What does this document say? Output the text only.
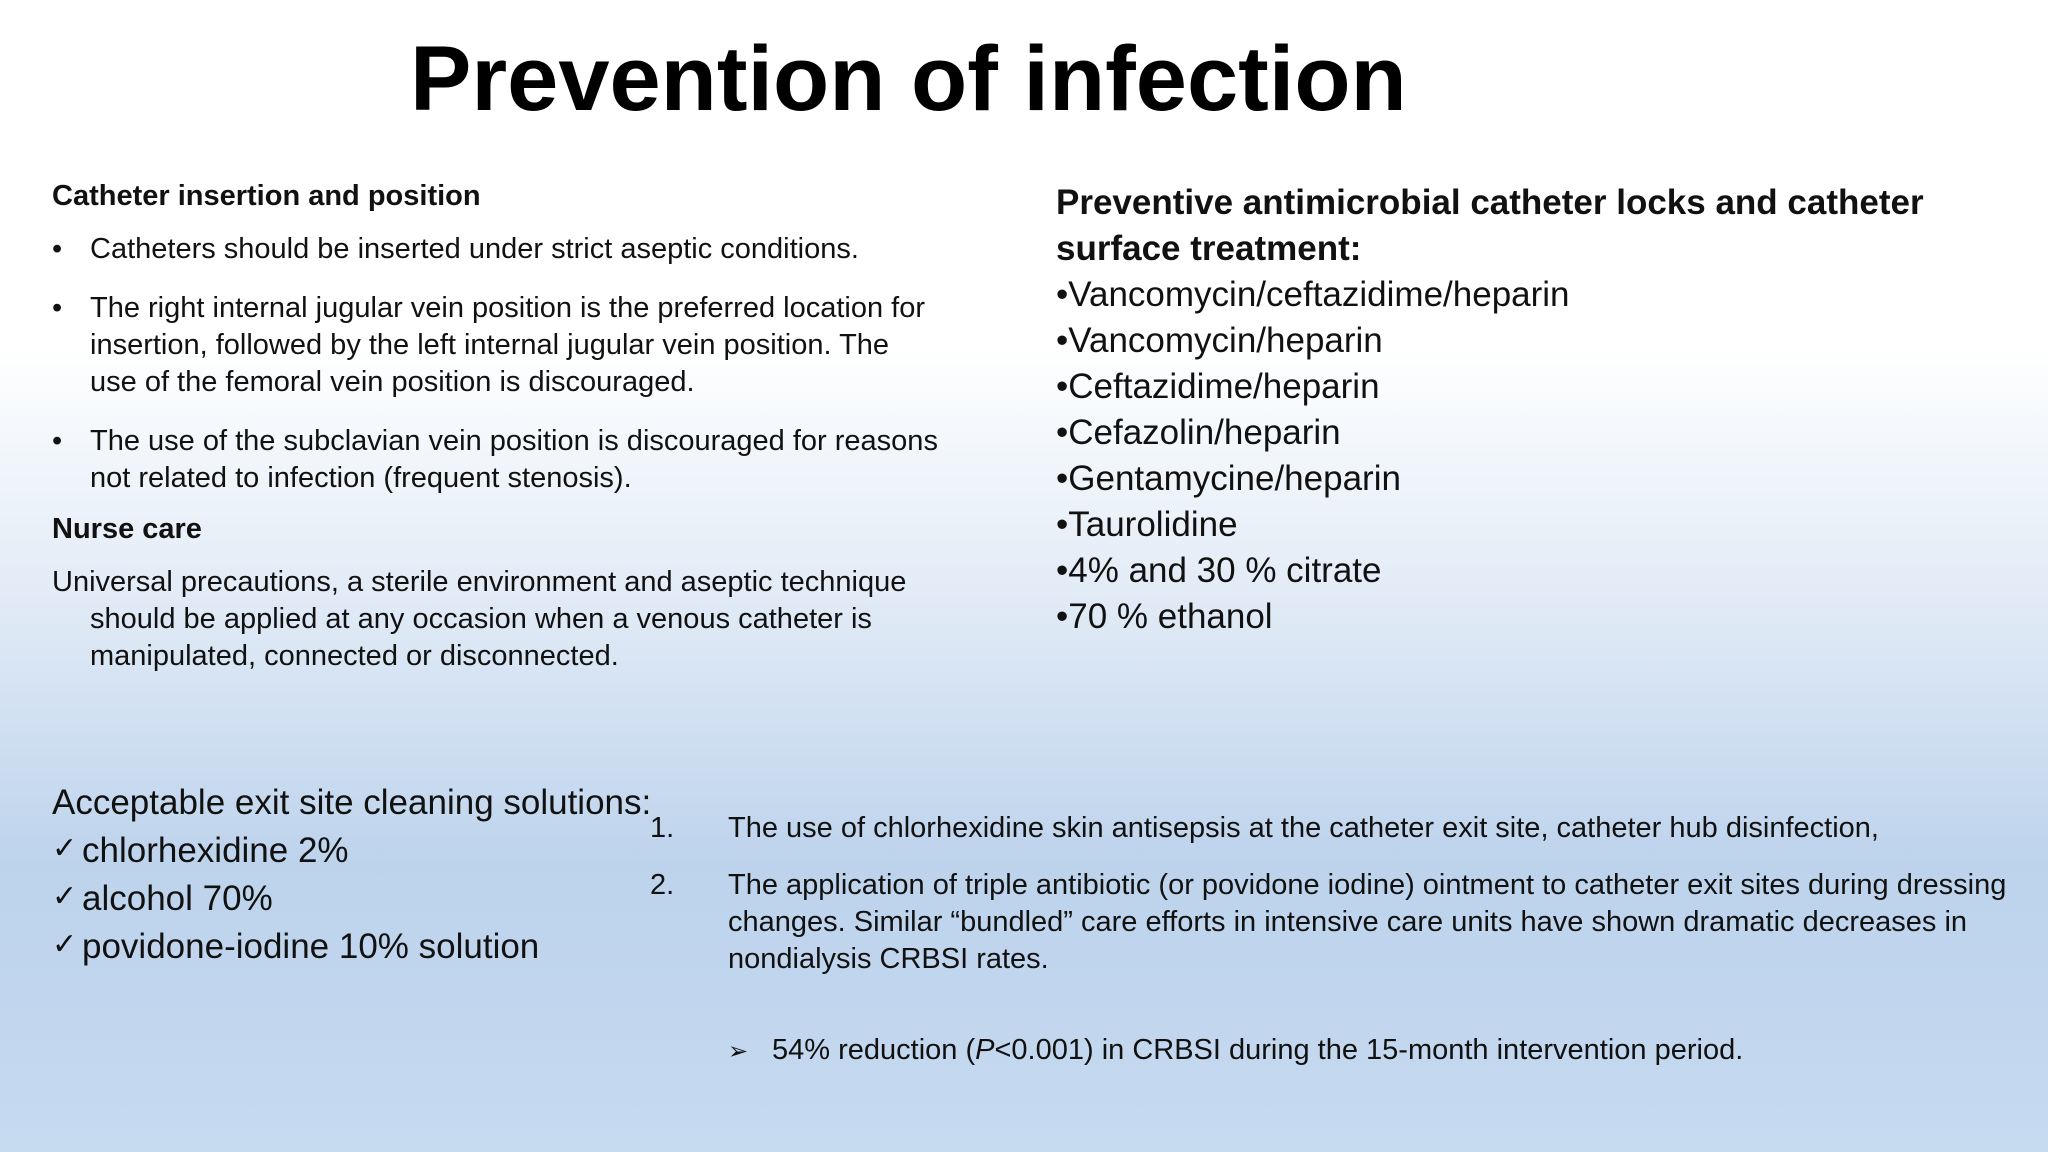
Prevention of infection

Catheter insertion and position

• Catheters should be inserted under strict aseptic conditions.
• The right internal jugular vein position is the preferred location for insertion, followed by the left internal jugular vein position. The use of the femoral vein position is discouraged.
• The use of the subclavian vein position is discouraged for reasons not related to infection (frequent stenosis).

Nurse care

Universal precautions, a sterile environment and aseptic technique should be applied at any occasion when a venous catheter is manipulated, connected or disconnected.

Preventive antimicrobial catheter locks and catheter surface treatment:

•Vancomycin/ceftazidime/heparin

•Vancomycin/heparin

•Ceftazidime/heparin

•Cefazolin/heparin

•Gentamycine/heparin

•Taurolidine

•4% and 30 % citrate

•70 % ethanol

Acceptable exit site cleaning solutions:

✓ chlorhexidine 2%

✓ alcohol 70%

✓ povidone-iodine 10% solution

1. The use of chlorhexidine skin antisepsis at the catheter exit site, catheter hub disinfection,
2. The application of triple antibiotic (or povidone iodine) ointment to catheter exit sites during dressing changes. Similar “bundled” care efforts in intensive care units have shown dramatic decreases in nondialysis CRBSI rates.
➢ 54% reduction (P<0.001) in CRBSI during the 15-month intervention period.
